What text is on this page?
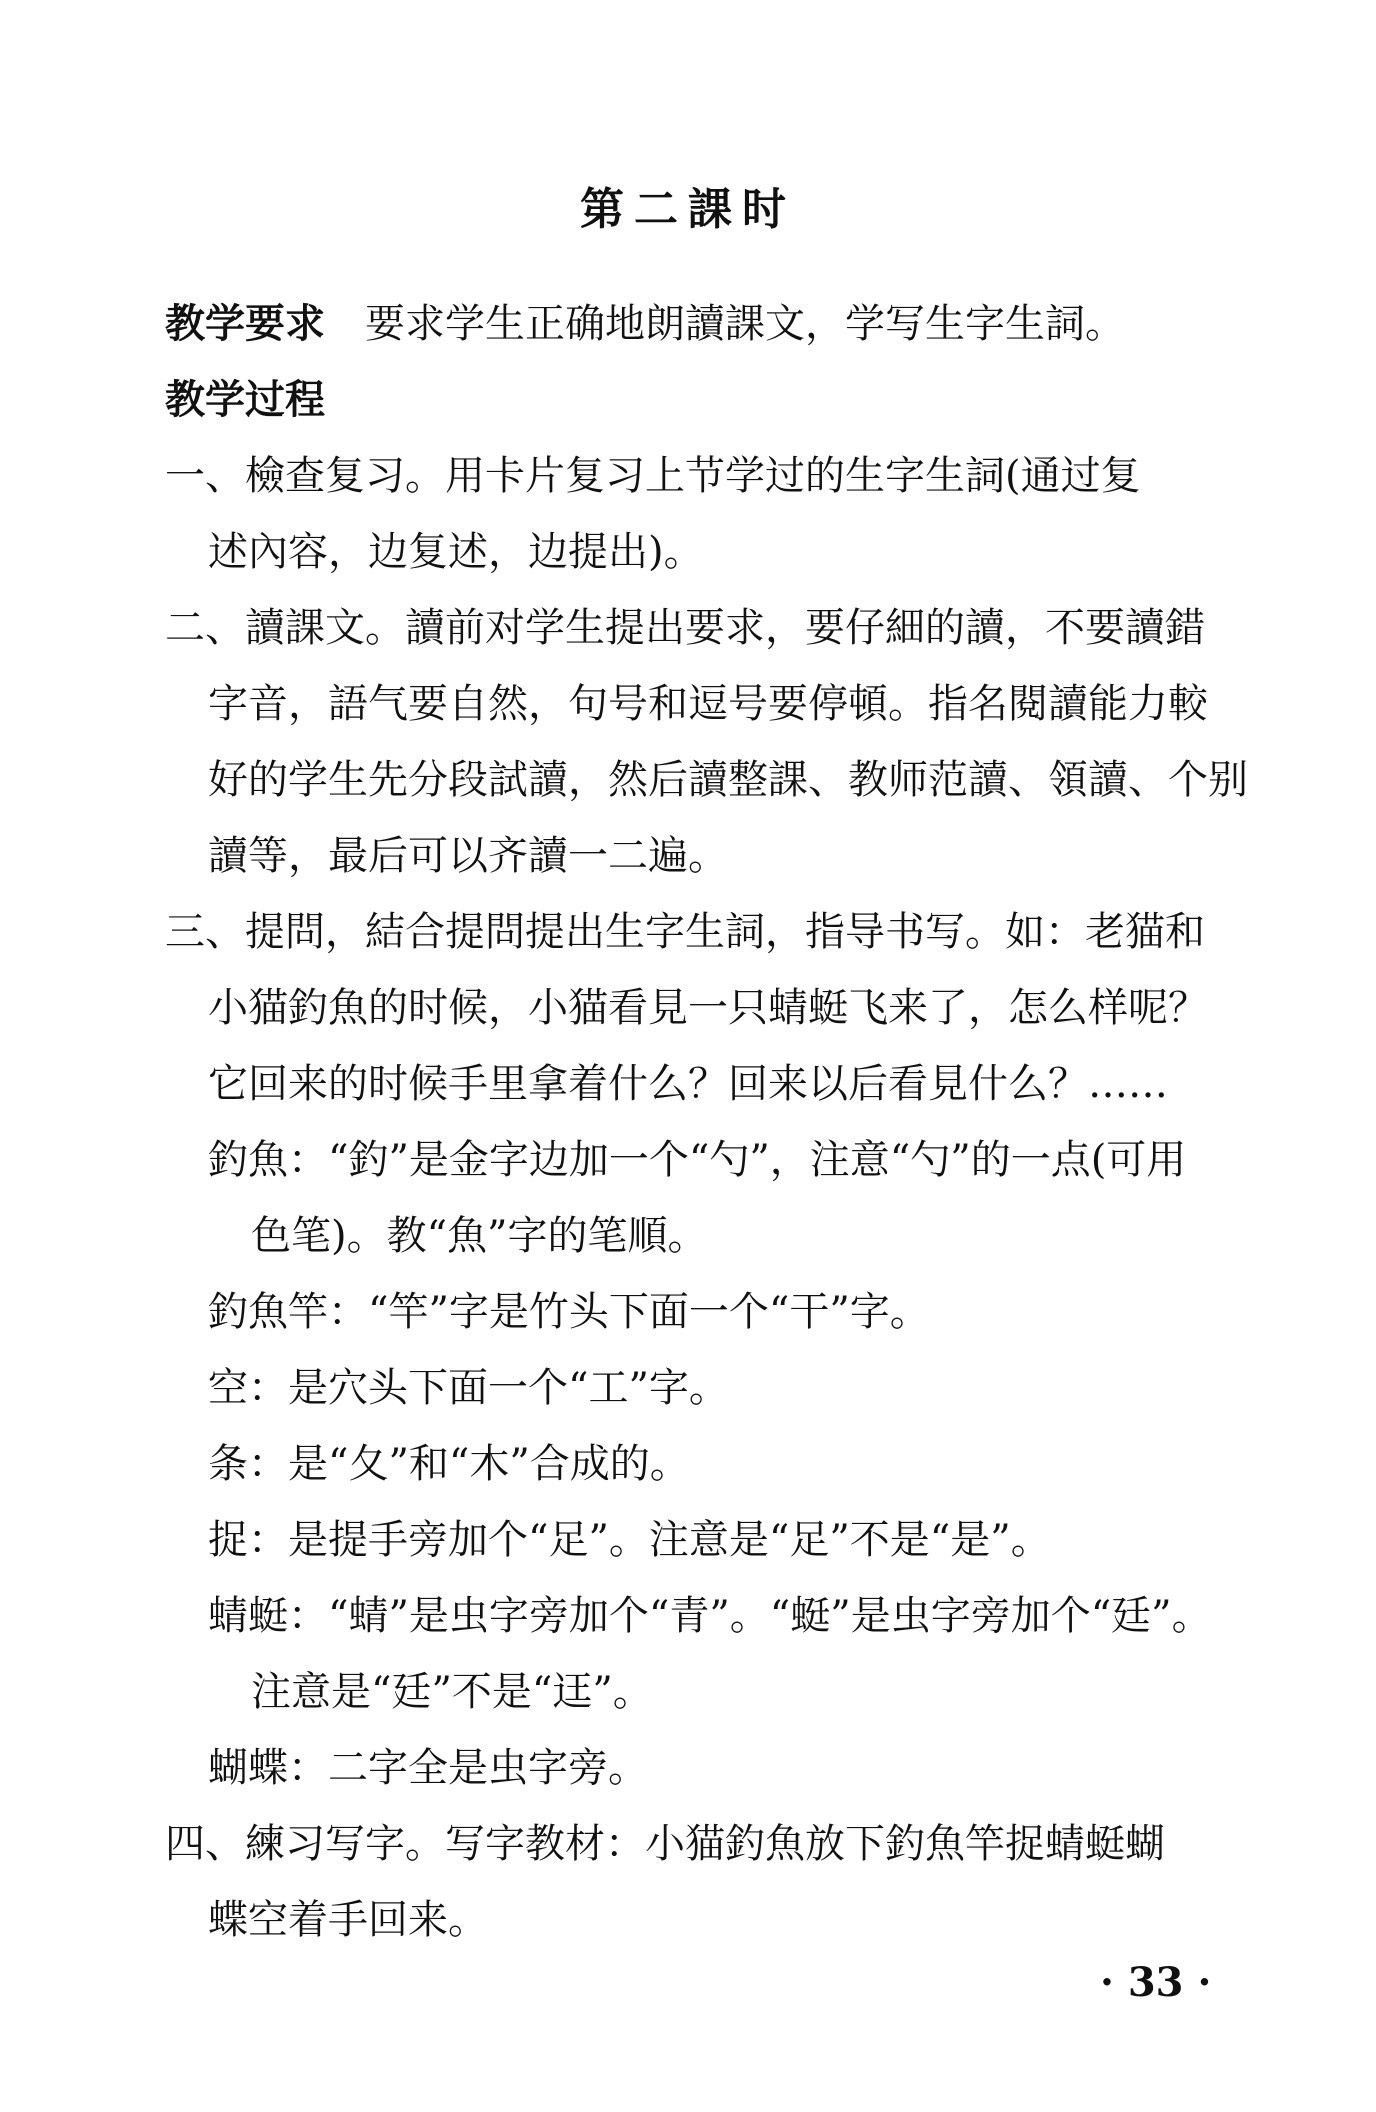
第二課时
教学要求 要求学生正确地朗讀課文，学写生字生詞。
教学过程
一、檢查复习。用卡片复习上节学过的生字生詞(通过复
述內容，边复述，边提出)。
二、讀課文。讀前对学生提出要求，要仔細的讀，不要讀錯
字音，語气要自然，句号和逗号要停頓。指名閱讀能力較
好的学生先分段試讀，然后讀整課、教师范讀、領讀、个别
讀等，最后可以齐讀一二遍。
三、提問，結合提問提出生字生詞，指导书写。如：老猫和
小猫釣魚的时候，小猫看見一只蜻蜓飞来了，怎么样呢？
它回来的时候手里拿着什么？回来以后看見什么？……
釣魚：“釣”是金字边加一个“勺”，注意“勺”的一点(可用
色笔)。教“魚”字的笔順。
釣魚竿：“竿”字是竹头下面一个“干”字。
空：是穴头下面一个“工”字。
条：是“夂”和“木”合成的。
捉：是提手旁加个“足”。注意是“足”不是“是”。
蜻蜓：“蜻”是虫字旁加个“青”。“蜓”是虫字旁加个“廷”。
注意是“廷”不是“迋”。
蝴蝶：二字全是虫字旁。
四、練习写字。写字教材：小猫釣魚放下釣魚竿捉蜻蜓蝴
蝶空着手回来。
· 33 ·
